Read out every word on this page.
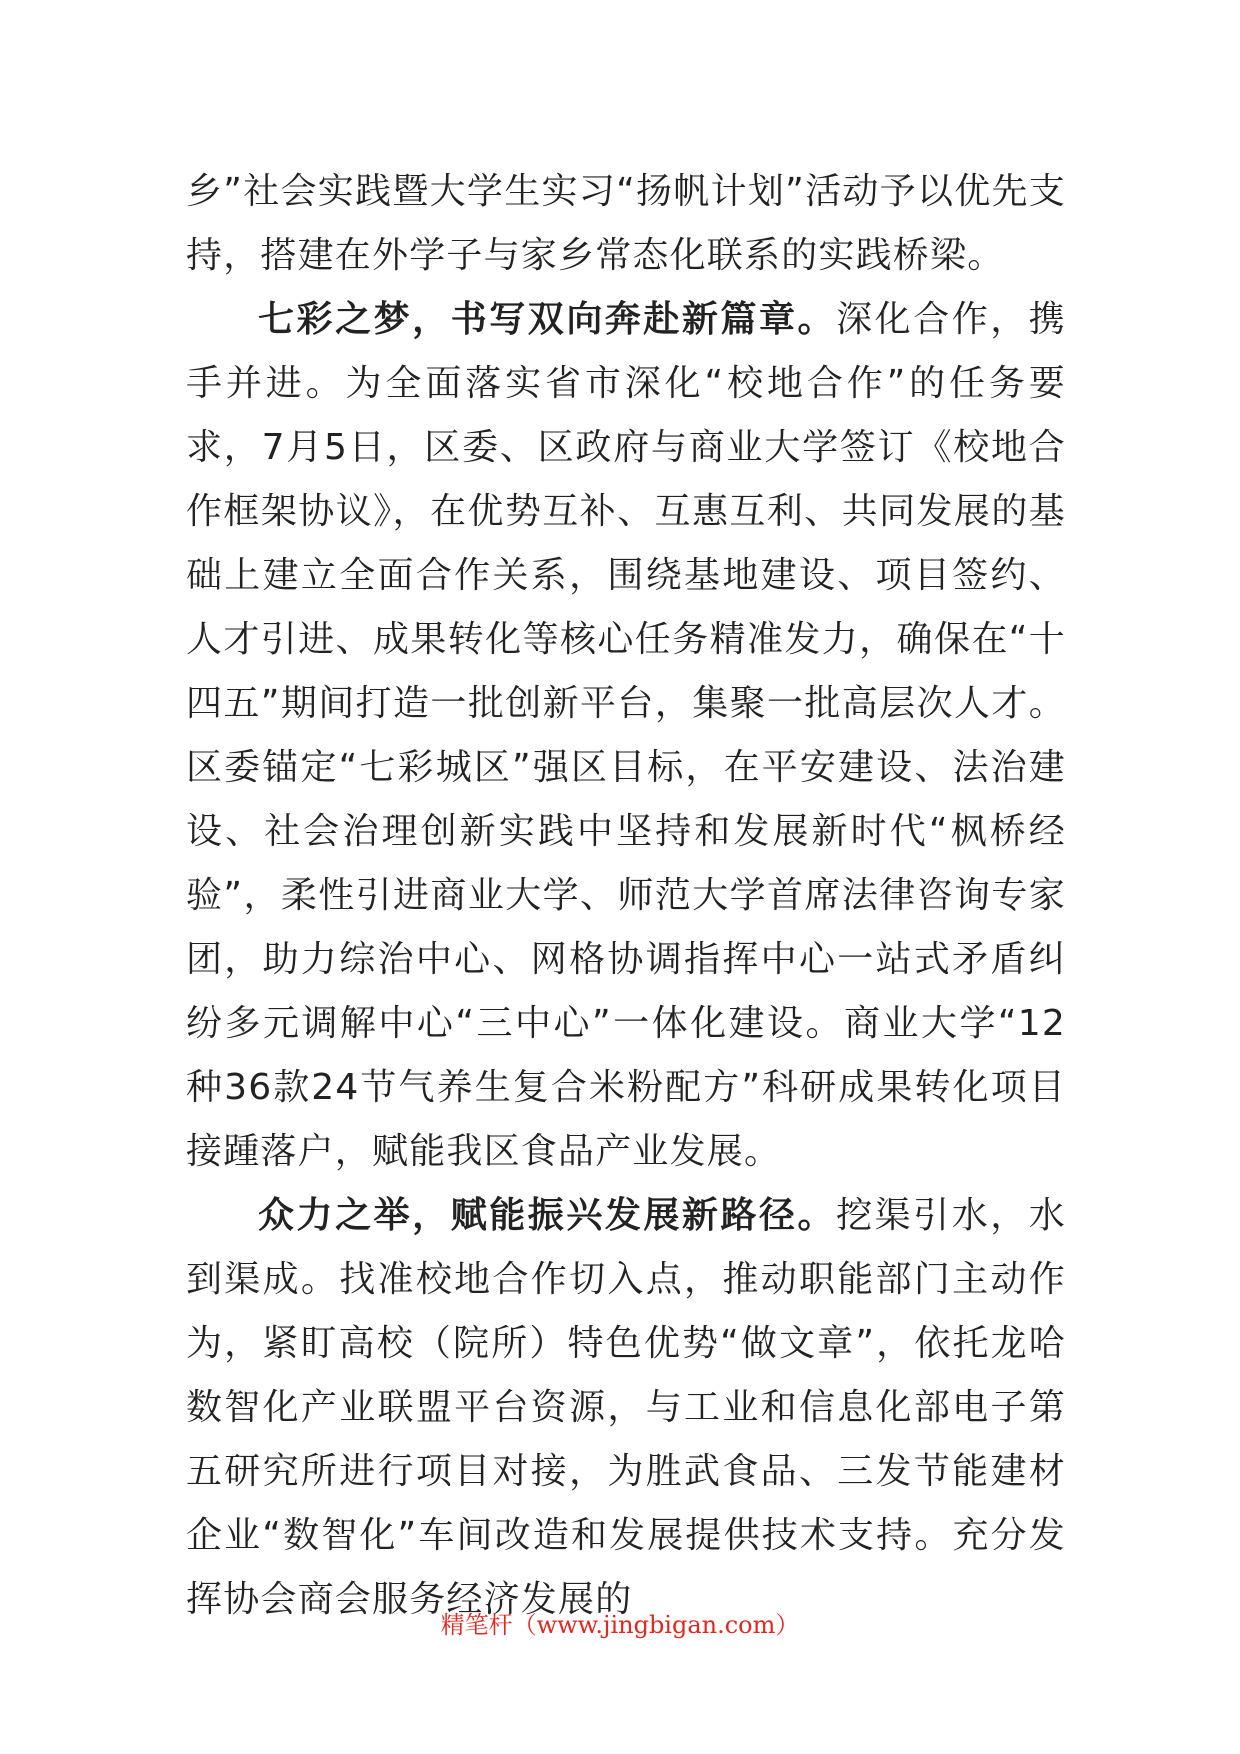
乡”社会实践暨大学生实习“扬帆计划”活动予以优先支持，搭建在外学子与家乡常态化联系的实践桥梁。

七彩之梦，书写双向奔赴新篇章。深化合作，携手并进。为全面落实省市深化“校地合作”的任务要求，7月5日，区委、区政府与商业大学签订《校地合作框架协议》，在优势互补、互惠互利、共同发展的基础上建立全面合作关系，围绕基地建设、项目签约、人才引进、成果转化等核心任务精准发力，确保在“十四五”期间打造一批创新平台，集聚一批高层次人才。区委锚定“七彩城区”强区目标，在平安建设、法治建设、社会治理创新实践中坚持和发展新时代“枫桥经验”，柔性引进商业大学、师范大学首席法律咨询专家团，助力综治中心、网格协调指挥中心一站式矛盾纠纷多元调解中心“三中心”一体化建设。商业大学“12种36款24节气养生复合米粉配方”科研成果转化项目接踵落户，赋能我区食品产业发展。

众力之举，赋能振兴发展新路径。挖渠引水，水到渠成。找准校地合作切入点，推动职能部门主动作为，紧盯高校（院所）特色优势“做文章”，依托龙哈数智化产业联盟平台资源，与工业和信息化部电子第五研究所进行项目对接，为胜武食品、三发节能建材企业“数智化”车间改造和发展提供技术支持。充分发挥协会商会服务经济发展的

精笔杆（www.jingbigan.com）
